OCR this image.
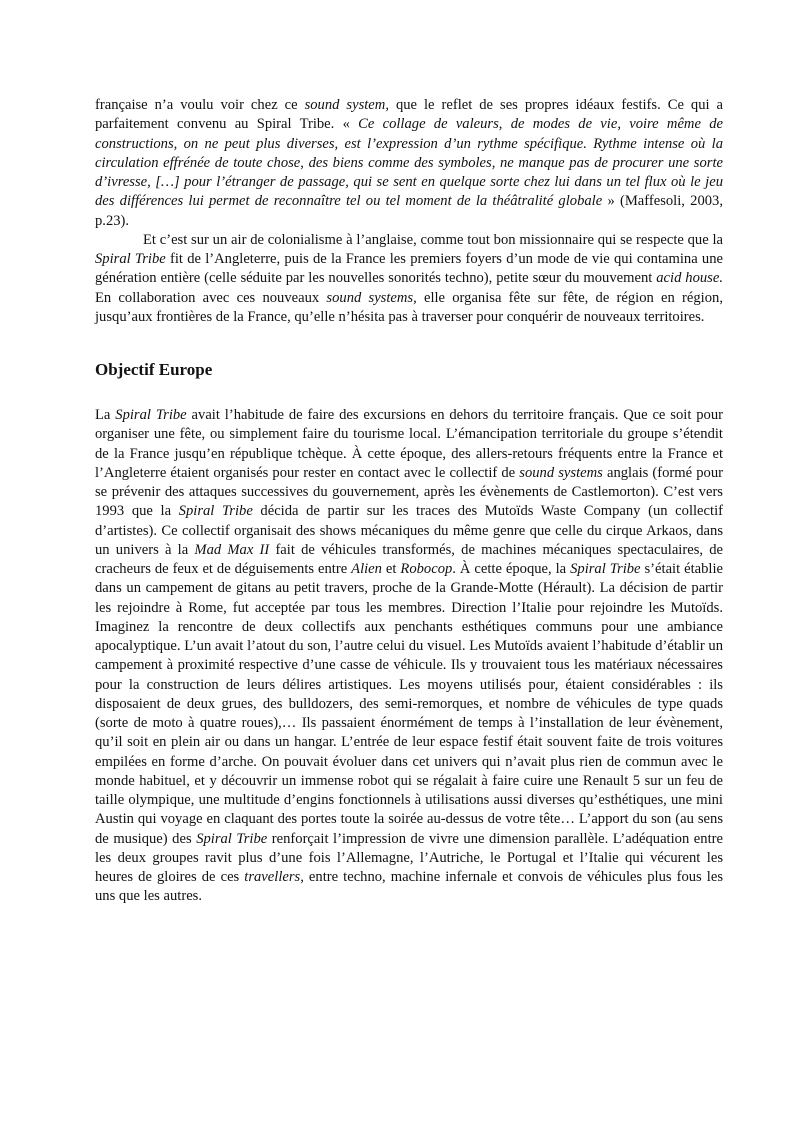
française n’a voulu voir chez ce sound system, que le reflet de ses propres idéaux festifs. Ce qui a parfaitement convenu au Spiral Tribe. « Ce collage de valeurs, de modes de vie, voire même de constructions, on ne peut plus diverses, est l’expression d’un rythme spécifique. Rythme intense où la circulation effrénée de toute chose, des biens comme des symboles, ne manque pas de procurer une sorte d’ivresse, […] pour l’étranger de passage, qui se sent en quelque sorte chez lui dans un tel flux où le jeu des différences lui permet de reconnaître tel ou tel moment de la théâtralité globale » (Maffesoli, 2003, p.23).

Et c’est sur un air de colonialisme à l’anglaise, comme tout bon missionnaire qui se respecte que la Spiral Tribe fit de l’Angleterre, puis de la France les premiers foyers d’un mode de vie qui contamina une génération entière (celle séduite par les nouvelles sonorités techno), petite sœur du mouvement acid house. En collaboration avec ces nouveaux sound systems, elle organisa fête sur fête, de région en région, jusqu’aux frontières de la France, qu’elle n’hésita pas à traverser pour conquérir de nouveaux territoires.

Objectif Europe

La Spiral Tribe avait l’habitude de faire des excursions en dehors du territoire français. Que ce soit pour organiser une fête, ou simplement faire du tourisme local. L’émancipation territoriale du groupe s’étendit de la France jusqu’en république tchèque. À cette époque, des allers-retours fréquents entre la France et l’Angleterre étaient organisés pour rester en contact avec le collectif de sound systems anglais (formé pour se prévenir des attaques successives du gouvernement, après les évènements de Castlemorton). C’est vers 1993 que la Spiral Tribe décida de partir sur les traces des Mutoïds Waste Company (un collectif d’artistes). Ce collectif organisait des shows mécaniques du même genre que celle du cirque Arkaos, dans un univers à la Mad Max II fait de véhicules transformés, de machines mécaniques spectaculaires, de cracheurs de feux et de déguisements entre Alien et Robocop. À cette époque, la Spiral Tribe s’était établie dans un campement de gitans au petit travers, proche de la Grande-Motte (Hérault). La décision de partir les rejoindre à Rome, fut acceptée par tous les membres. Direction l’Italie pour rejoindre les Mutoïds. Imaginez la rencontre de deux collectifs aux penchants esthétiques communs pour une ambiance apocalyptique. L’un avait l’atout du son, l’autre celui du visuel. Les Mutoïds avaient l’habitude d’établir un campement à proximité respective d’une casse de véhicule. Ils y trouvaient tous les matériaux nécessaires pour la construction de leurs délires artistiques. Les moyens utilisés pour, étaient considérables : ils disposaient de deux grues, des bulldozers, des semi-remorques, et nombre de véhicules de type quads (sorte de moto à quatre roues),… Ils passaient énormément de temps à l’installation de leur évènement, qu’il soit en plein air ou dans un hangar. L’entrée de leur espace festif était souvent faite de trois voitures empilées en forme d’arche. On pouvait évoluer dans cet univers qui n’avait plus rien de commun avec le monde habituel, et y découvrir un immense robot qui se régalait à faire cuire une Renault 5 sur un feu de taille olympique, une multitude d’engins fonctionnels à utilisations aussi diverses qu’esthétiques, une mini Austin qui voyage en claquant des portes toute la soirée au-dessus de votre tête… L’apport du son (au sens de musique) des Spiral Tribe renforçait l’impression de vivre une dimension parallèle. L’adéquation entre les deux groupes ravit plus d’une fois l’Allemagne, l’Autriche, le Portugal et l’Italie qui vécurent les heures de gloires de ces travellers, entre techno, machine infernale et convois de véhicules plus fous les uns que les autres.
